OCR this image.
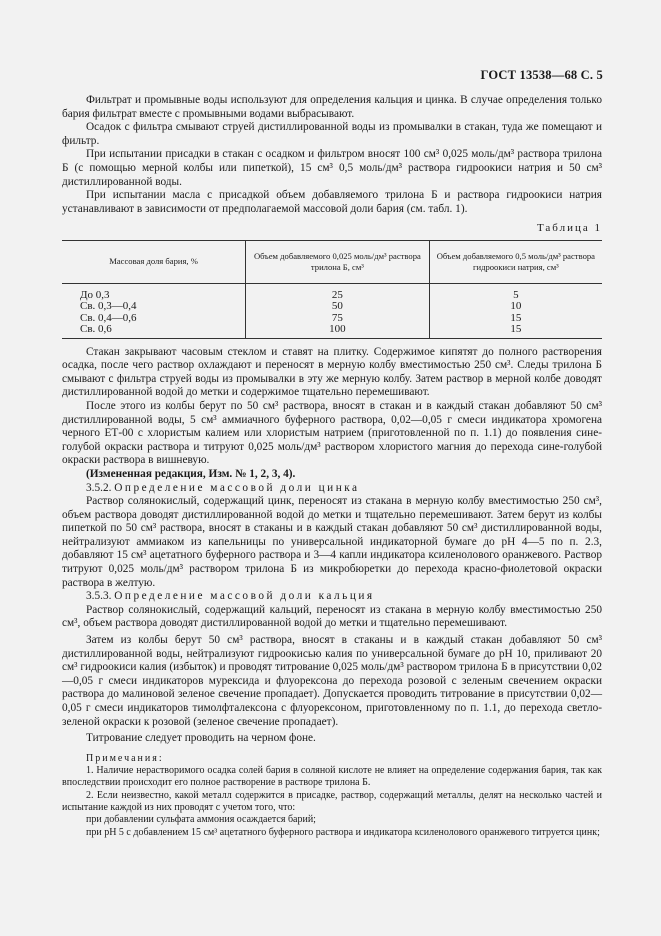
ГОСТ 13538—68 С. 5

Фильтрат и промывные воды используют для определения кальция и цинка. В случае определения только бария фильтрат вместе с промывными водами выбрасывают.

Осадок с фильтра смывают струей дистиллированной воды из промывалки в стакан, туда же помещают и фильтр.

При испытании присадки в стакан с осадком и фильтром вносят 100 см³ 0,025 моль/дм³ раствора трилона Б (с помощью мерной колбы или пипеткой), 15 см³ 0,5 моль/дм³ раствора гидроокиси натрия и 50 см³ дистиллированной воды.

При испытании масла с присадкой объем добавляемого трилона Б и раствора гидроокиси натрия устанавливают в зависимости от предполагаемой массовой доли бария (см. табл. 1).

Таблица 1
Массовая доля бария, %	Объем добавляемого 0,025 моль/дм³ раствора трилона Б, см³	Объем добавляемого 0,5 моль/дм³ раствора гидроокиси натрия, см³
До 0,3	25	5
Св. 0,3—0,4	50	10
Св. 0,4—0,6	75	15
Св. 0,6	100	15

Стакан закрывают часовым стеклом и ставят на плитку. Содержимое кипятят до полного растворения осадка, после чего раствор охлаждают и переносят в мерную колбу вместимостью 250 см³. Следы трилона Б смывают с фильтра струей воды из промывалки в эту же мерную колбу. Затем раствор в мерной колбе доводят дистиллированной водой до метки и содержимое тщательно перемешивают.

После этого из колбы берут по 50 см³ раствора, вносят в стакан и в каждый стакан добавляют 50 см³ дистиллированной воды, 5 см³ аммиачного буферного раствора, 0,02—0,05 г смеси индикатора хромогена черного ЕТ-00 с хлористым калием или хлористым натрием (приготовленной по п. 1.1) до появления сине-голубой окраски раствора и титруют 0,025 моль/дм³ раствором хлористого магния до перехода сине-голубой окраски раствора в вишневую.

(Измененная редакция, Изм. № 1, 2, 3, 4).

3.5.2. Определение массовой доли цинка

Раствор солянокислый, содержащий цинк, переносят из стакана в мерную колбу вместимостью 250 см³, объем раствора доводят дистиллированной водой до метки и тщательно перемешивают. Затем берут из колбы пипеткой по 50 см³ раствора, вносят в стаканы и в каждый стакан добавляют 50 см³ дистиллированной воды, нейтрализуют аммиаком из капельницы по универсальной индикаторной бумаге до рН 4—5 по п. 2.3, добавляют 15 см³ ацетатного буферного раствора и 3—4 капли индикатора ксиленолового оранжевого. Раствор титруют 0,025 моль/дм³ раствором трилона Б из микробюретки до перехода красно-фиолетовой окраски раствора в желтую.

3.5.3. Определение массовой доли кальция

Раствор солянокислый, содержащий кальций, переносят из стакана в мерную колбу вместимостью 250 см³, объем раствора доводят дистиллированной водой до метки и тщательно перемешивают.

Затем из колбы берут 50 см³ раствора, вносят в стаканы и в каждый стакан добавляют 50 см³ дистиллированной воды, нейтрализуют гидроокисью калия по универсальной бумаге до рН 10, приливают 20 см³ гидроокиси калия (избыток) и проводят титрование 0,025 моль/дм³ раствором трилона Б в присутствии 0,02—0,05 г смеси индикаторов мурексида и флуорексона до перехода розовой с зеленым свечением окраски раствора до малиновой зеленое свечение пропадает). Допускается проводить титрование в присутствии 0,02—0,05 г смеси индикаторов тимолфталексона с флуорексоном, приготовленному по п. 1.1, до перехода светло-зеленой окраски к розовой (зеленое свечение пропадает).

Титрование следует проводить на черном фоне.

Примечания:

1. Наличие нерастворимого осадка солей бария в соляной кислоте не влияет на определение содержания бария, так как впоследствии происходит его полное растворение в растворе трилона Б.

2. Если неизвестно, какой металл содержится в присадке, раствор, содержащий металлы, делят на несколько частей и испытание каждой из них проводят с учетом того, что:

при добавлении сульфата аммония осаждается барий;

при рН 5 с добавлением 15 см³ ацетатного буферного раствора и индикатора ксиленолового оранжевого титруется цинк;
